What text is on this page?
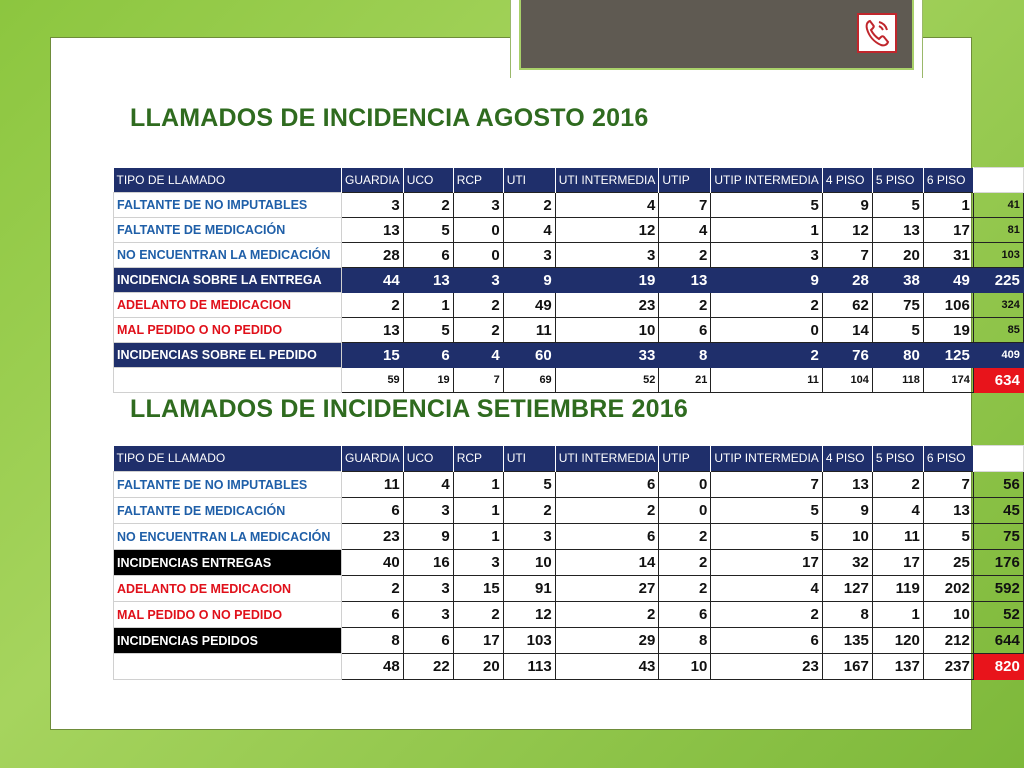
LLAMADOS DE INCIDENCIA AGOSTO 2016
TIPO DE LLAMADO	GUARDIA	UCO	RCP	UTI	UTI INTERMEDIA	UTIP	UTIP INTERMEDIA	4 PISO	5 PISO	6 PISO	
FALTANTE DE NO IMPUTABLES	3	2	3	2	4	7	5	9	5	1	41
FALTANTE DE MEDICACIÓN	13	5	0	4	12	4	1	12	13	17	81
NO ENCUENTRAN LA MEDICACIÓN	28	6	0	3	3	2	3	7	20	31	103
INCIDENCIA SOBRE LA ENTREGA	44	13	3	9	19	13	9	28	38	49	225
ADELANTO DE MEDICACION	2	1	2	49	23	2	2	62	75	106	324
MAL PEDIDO O NO PEDIDO	13	5	2	11	10	6	0	14	5	19	85
INCIDENCIAS SOBRE EL PEDIDO	15	6	4	60	33	8	2	76	80	125	409
	59	19	7	69	52	21	11	104	118	174	634
LLAMADOS DE INCIDENCIA SETIEMBRE 2016
TIPO DE LLAMADO	GUARDIA	UCO	RCP	UTI	UTI INTERMEDIA	UTIP	UTIP INTERMEDIA	4 PISO	5 PISO	6 PISO	
FALTANTE DE NO IMPUTABLES	11	4	1	5	6	0	7	13	2	7	56
FALTANTE DE MEDICACIÓN	6	3	1	2	2	0	5	9	4	13	45
NO ENCUENTRAN LA MEDICACIÓN	23	9	1	3	6	2	5	10	11	5	75
INCIDENCIAS ENTREGAS	40	16	3	10	14	2	17	32	17	25	176
ADELANTO DE MEDICACION	2	3	15	91	27	2	4	127	119	202	592
MAL PEDIDO O NO PEDIDO	6	3	2	12	2	6	2	8	1	10	52
INCIDENCIAS PEDIDOS	8	6	17	103	29	8	6	135	120	212	644
	48	22	20	113	43	10	23	167	137	237	820
